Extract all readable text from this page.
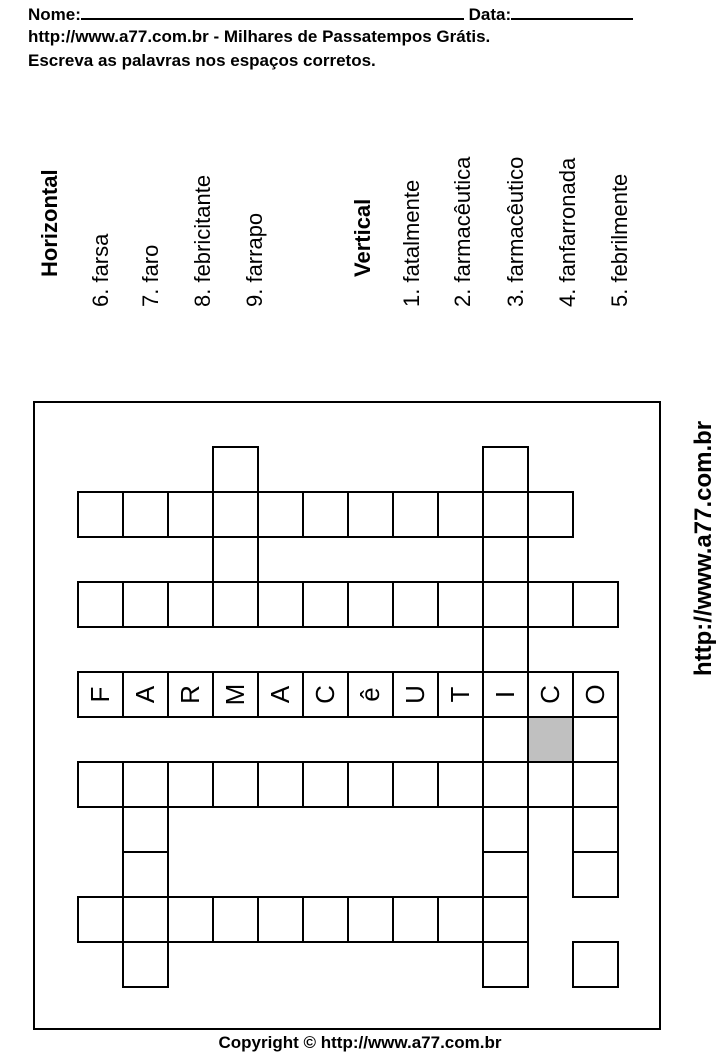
Nome:	Data:
http://www.a77.com.br - Milhares de Passatempos Grátis.
Escreva as palavras nos espaços corretos.
Horizontal 6. farsa 7. faro 8. febricitante 9. farrapo	Vertical 1. fatalmente 2. farmacêutica 3. farmacêutico 4. fanfarronada 5. febrilmente
http://www.a77.com.br
F A R M A C ê U T I C O
Copyright © http://www.a77.com.br
